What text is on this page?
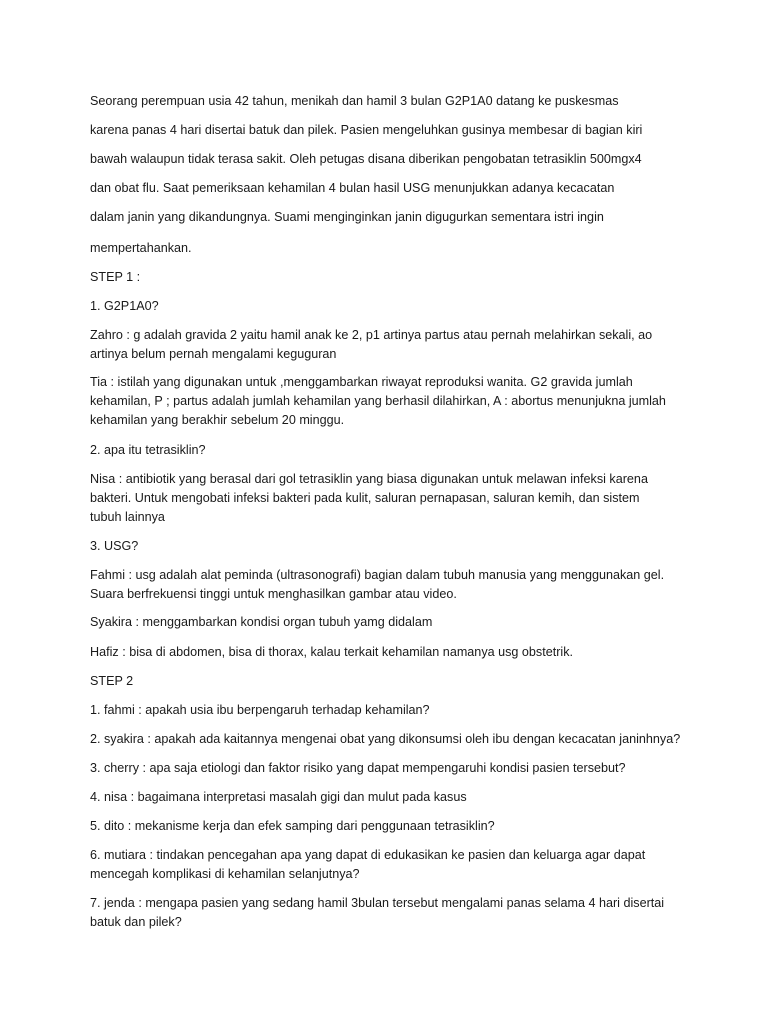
Seorang perempuan usia 42 tahun, menikah dan hamil 3 bulan G2P1A0 datang ke puskesmas
karena panas 4 hari disertai batuk dan pilek. Pasien mengeluhkan gusinya membesar di bagian kiri
bawah walaupun tidak terasa sakit. Oleh petugas disana diberikan pengobatan tetrasiklin 500mgx4
dan obat flu. Saat pemeriksaan kehamilan 4 bulan hasil USG menunjukkan adanya kecacatan
dalam janin yang dikandungnya. Suami menginginkan janin digugurkan sementara istri ingin
mempertahankan.
STEP 1 :
1. G2P1A0?
Zahro : g adalah gravida 2 yaitu hamil anak ke 2, p1 artinya partus atau pernah melahirkan sekali, ao
artinya belum pernah mengalami keguguran
Tia : istilah yang digunakan untuk ,menggambarkan riwayat reproduksi wanita. G2 gravida jumlah
kehamilan, P ; partus adalah jumlah kehamilan yang berhasil dilahirkan, A : abortus menunjukna jumlah
kehamilan yang berakhir sebelum 20 minggu.
2. apa itu tetrasiklin?
Nisa : antibiotik yang berasal dari gol tetrasiklin yang biasa digunakan untuk melawan infeksi karena
bakteri. Untuk mengobati infeksi bakteri pada kulit, saluran pernapasan, saluran kemih, dan sistem
tubuh lainnya
3. USG?
Fahmi : usg adalah alat peminda (ultrasonografi) bagian dalam tubuh manusia yang menggunakan gel.
Suara berfrekuensi tinggi untuk menghasilkan gambar atau video.
Syakira : menggambarkan kondisi organ tubuh yamg didalam
Hafiz : bisa di abdomen, bisa di thorax, kalau terkait kehamilan namanya usg obstetrik.
STEP 2
1. fahmi : apakah usia ibu berpengaruh terhadap kehamilan?
2. syakira : apakah ada kaitannya mengenai obat yang dikonsumsi oleh ibu dengan kecacatan janinhnya?
3. cherry : apa saja etiologi dan faktor risiko yang dapat mempengaruhi kondisi pasien tersebut?
4. nisa : bagaimana interpretasi masalah gigi dan mulut pada kasus
5. dito : mekanisme kerja dan efek samping dari penggunaan tetrasiklin?
6. mutiara : tindakan pencegahan apa yang dapat di edukasikan ke pasien dan keluarga agar dapat
mencegah komplikasi di kehamilan selanjutnya?
7. jenda : mengapa pasien yang sedang hamil 3bulan tersebut mengalami panas selama 4 hari disertai
batuk dan pilek?
